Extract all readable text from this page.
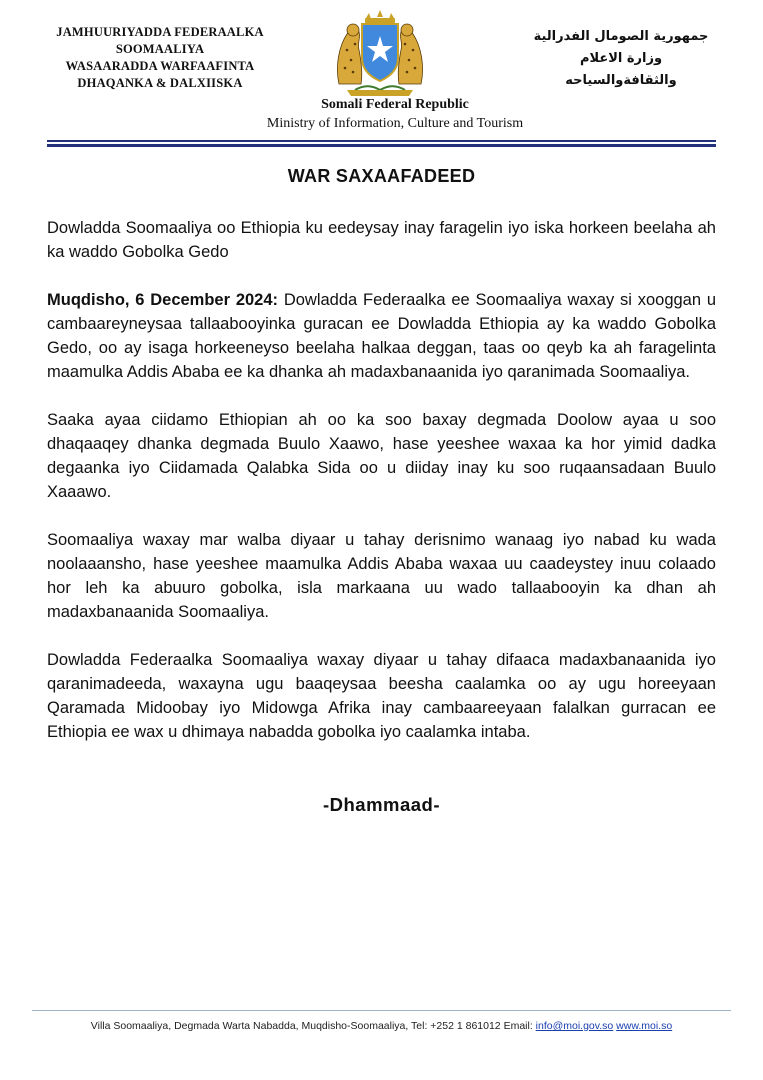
JAMHUURIYADDA FEDERAALKA
SOOMAALIYA
WASAARADDA WARFAAFINTA
DHAQANKA & DALXIISKA
جمهورية الصومال الفدرالية
وزارة الاعلام
والثقافةوالسياحه
Somali Federal Republic
Ministry of Information, Culture and Tourism
WAR SAXAAFADEED

Dowladda Soomaaliya oo Ethiopia ku eedeysay inay faragelin iyo iska horkeen beelaha ah ka waddo Gobolka Gedo

Muqdisho, 6 December 2024: Dowladda Federaalka ee Soomaaliya waxay si xooggan u cambaareyneysaa tallaabooyinka guracan ee Dowladda Ethiopia ay ka waddo Gobolka Gedo, oo ay isaga horkeeneyso beelaha halkaa deggan, taas oo qeyb ka ah faragelinta maamulka Addis Ababa ee ka dhanka ah madaxbanaanida iyo qaranimada Soomaaliya.

Saaka ayaa ciidamo Ethiopian ah oo ka soo baxay degmada Doolow ayaa u soo dhaqaaqey dhanka degmada Buulo Xaawo, hase yeeshee waxaa ka hor yimid dadka degaanka iyo Ciidamada Qalabka Sida oo u diiday inay ku soo ruqaansadaan Buulo Xaaawo.

Soomaaliya waxay mar walba diyaar u tahay derisnimo wanaag iyo nabad ku wada noolaaansho, hase yeeshee maamulka Addis Ababa waxaa uu caadeystey inuu colaado hor leh ka abuuro gobolka, isla markaana uu wado tallaabooyin ka dhan ah madaxbanaanida Soomaaliya.

Dowladda Federaalka Soomaaliya waxay diyaar u tahay difaaca madaxbanaanida iyo qaranimadeeda, waxayna ugu baaqeysaa beesha caalamka oo ay ugu horeeyaan Qaramada Midoobay iyo Midowga Afrika inay cambaareeyaan falalkan gurracan ee Ethiopia ee wax u dhimaya nabadda gobolka iyo caalamka intaba.

-Dhammaad-
Villa Soomaaliya, Degmada Warta Nabadda, Muqdisho-Soomaaliya, Tel: +252 1 861012 Email: info@moi.gov.so www.moi.so
